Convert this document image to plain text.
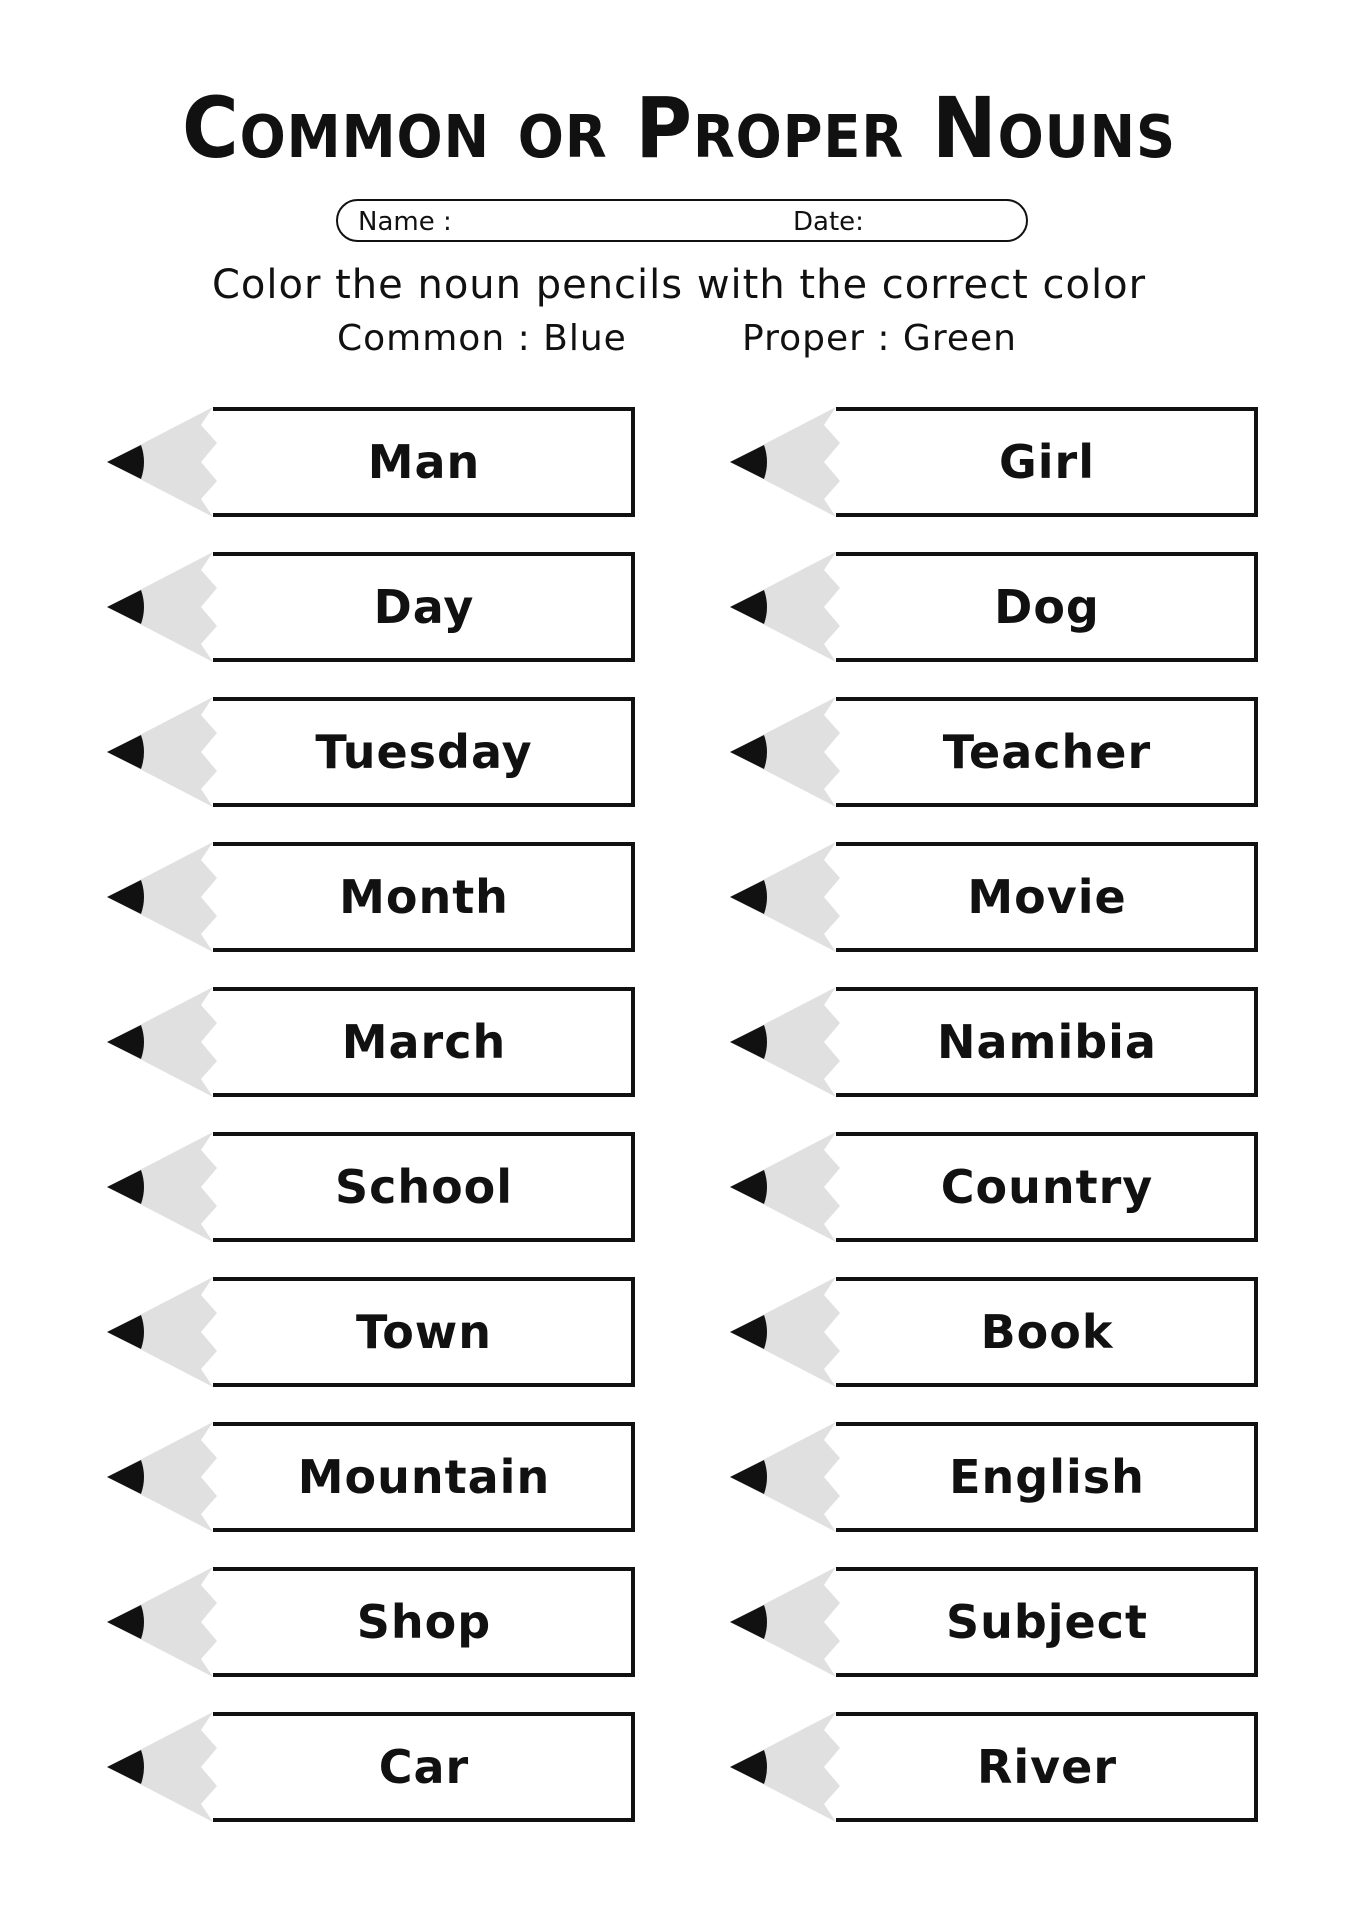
Common or Proper Nouns
Name :	Date:
Color the noun pencils with the correct color
Common : Blue	Proper : Green
Man
Day
Tuesday
Month
March
School
Town
Mountain
Shop
Car
Girl
Dog
Teacher
Movie
Namibia
Country
Book
English
Subject
River
